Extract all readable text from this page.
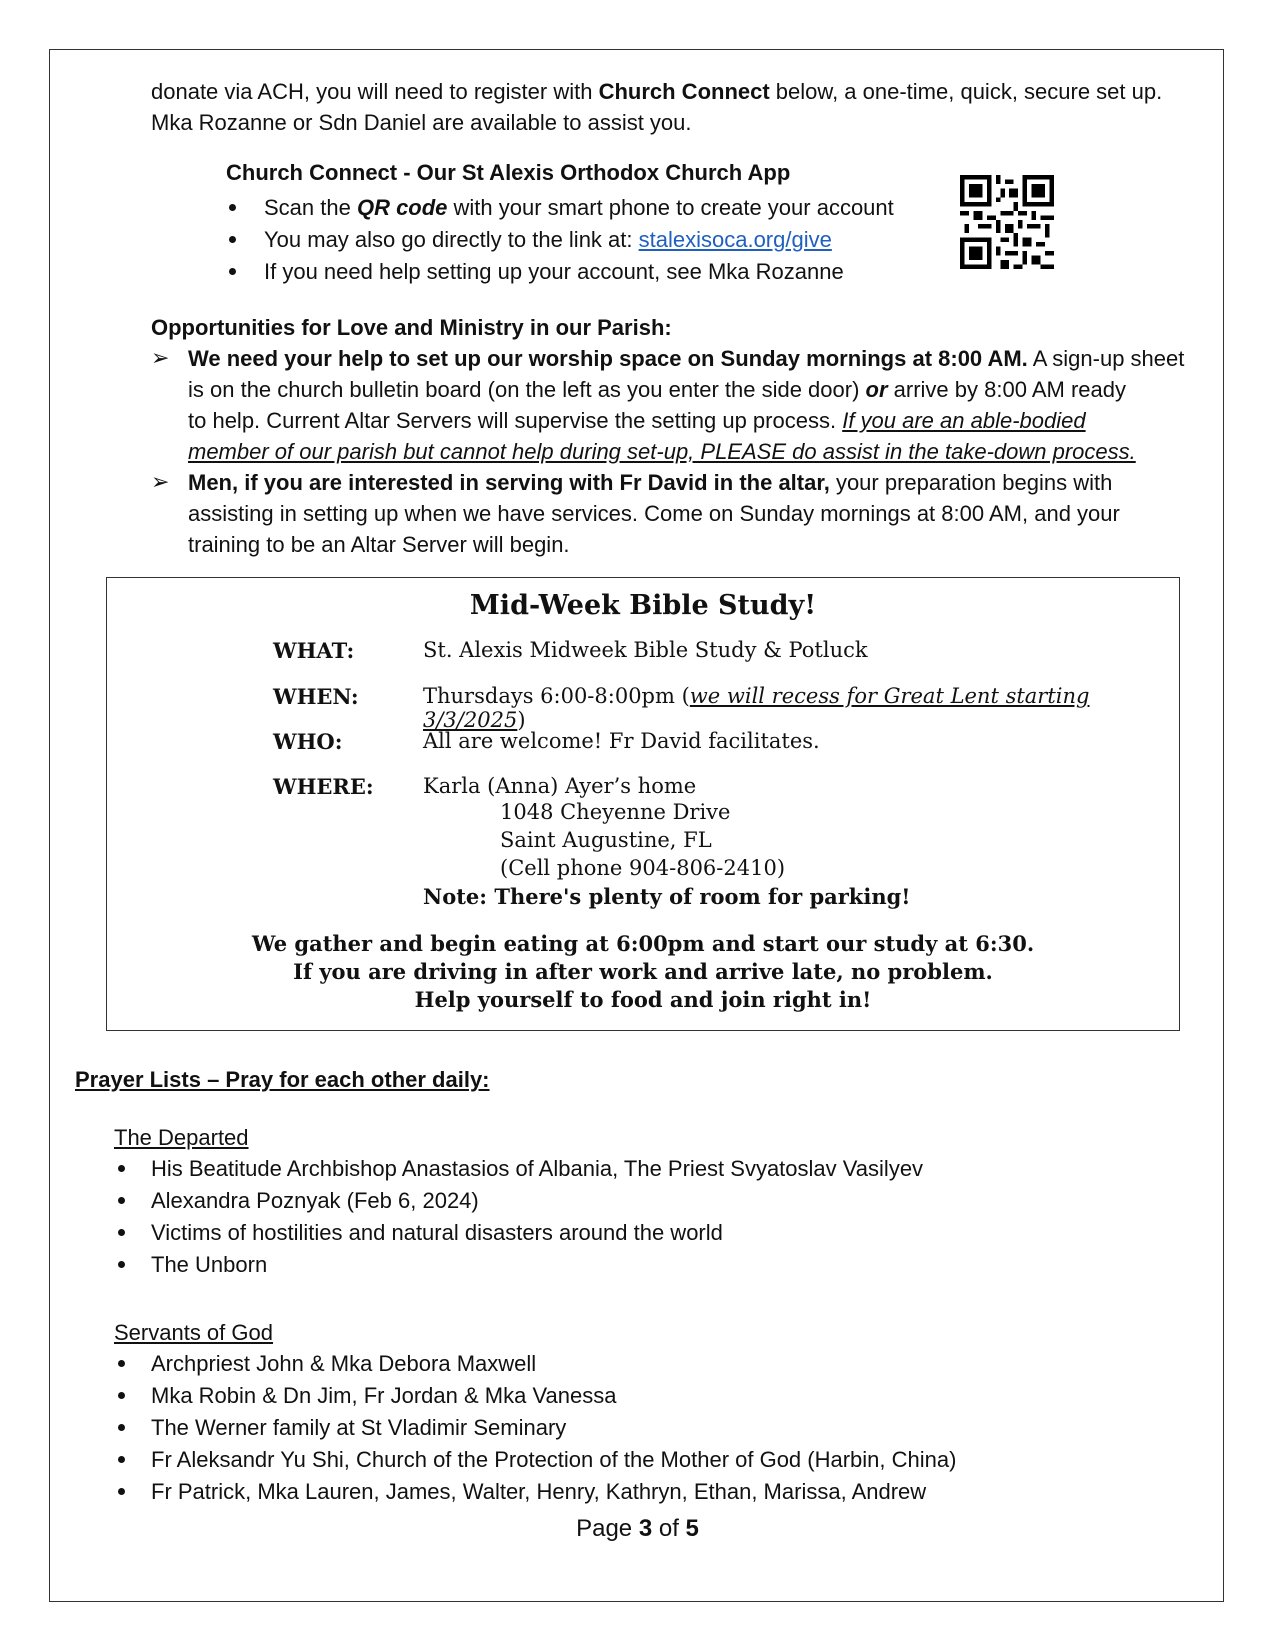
donate via ACH, you will need to register with Church Connect below, a one-time, quick, secure set up.
Mka Rozanne or Sdn Daniel are available to assist you.
Church Connect - Our St Alexis Orthodox Church App
Scan the QR code with your smart phone to create your account
You may also go directly to the link at: stalexisoca.org/give
If you need help setting up your account, see Mka Rozanne
Opportunities for Love and Ministry in our Parish:
➢ We need your help to set up our worship space on Sunday mornings at 8:00 AM. A sign-up sheet
is on the church bulletin board (on the left as you enter the side door) or arrive by 8:00 AM ready
to help. Current Altar Servers will supervise the setting up process. If you are an able-bodied
member of our parish but cannot help during set-up, PLEASE do assist in the take-down process.
➢ Men, if you are interested in serving with Fr David in the altar, your preparation begins with
assisting in setting up when we have services. Come on Sunday mornings at 8:00 AM, and your
training to be an Altar Server will begin.
Mid-Week Bible Study!
WHAT:	St. Alexis Midweek Bible Study & Potluck
WHEN:	Thursdays 6:00-8:00pm (we will recess for Great Lent starting 3/3/2025)
WHO:	All are welcome! Fr David facilitates.
WHERE: Karla (Anna) Ayer’s home
1048 Cheyenne Drive
Saint Augustine, FL
(Cell phone 904-806-2410)
Note: There's plenty of room for parking!
We gather and begin eating at 6:00pm and start our study at 6:30.
If you are driving in after work and arrive late, no problem.
Help yourself to food and join right in!
Prayer Lists – Pray for each other daily:
The Departed
His Beatitude Archbishop Anastasios of Albania, The Priest Svyatoslav Vasilyev
Alexandra Poznyak (Feb 6, 2024)
Victims of hostilities and natural disasters around the world
The Unborn
Servants of God
Archpriest John & Mka Debora Maxwell
Mka Robin & Dn Jim, Fr Jordan & Mka Vanessa
The Werner family at St Vladimir Seminary
Fr Aleksandr Yu Shi, Church of the Protection of the Mother of God (Harbin, China)
Fr Patrick, Mka Lauren, James, Walter, Henry, Kathryn, Ethan, Marissa, Andrew
Page 3 of 5
